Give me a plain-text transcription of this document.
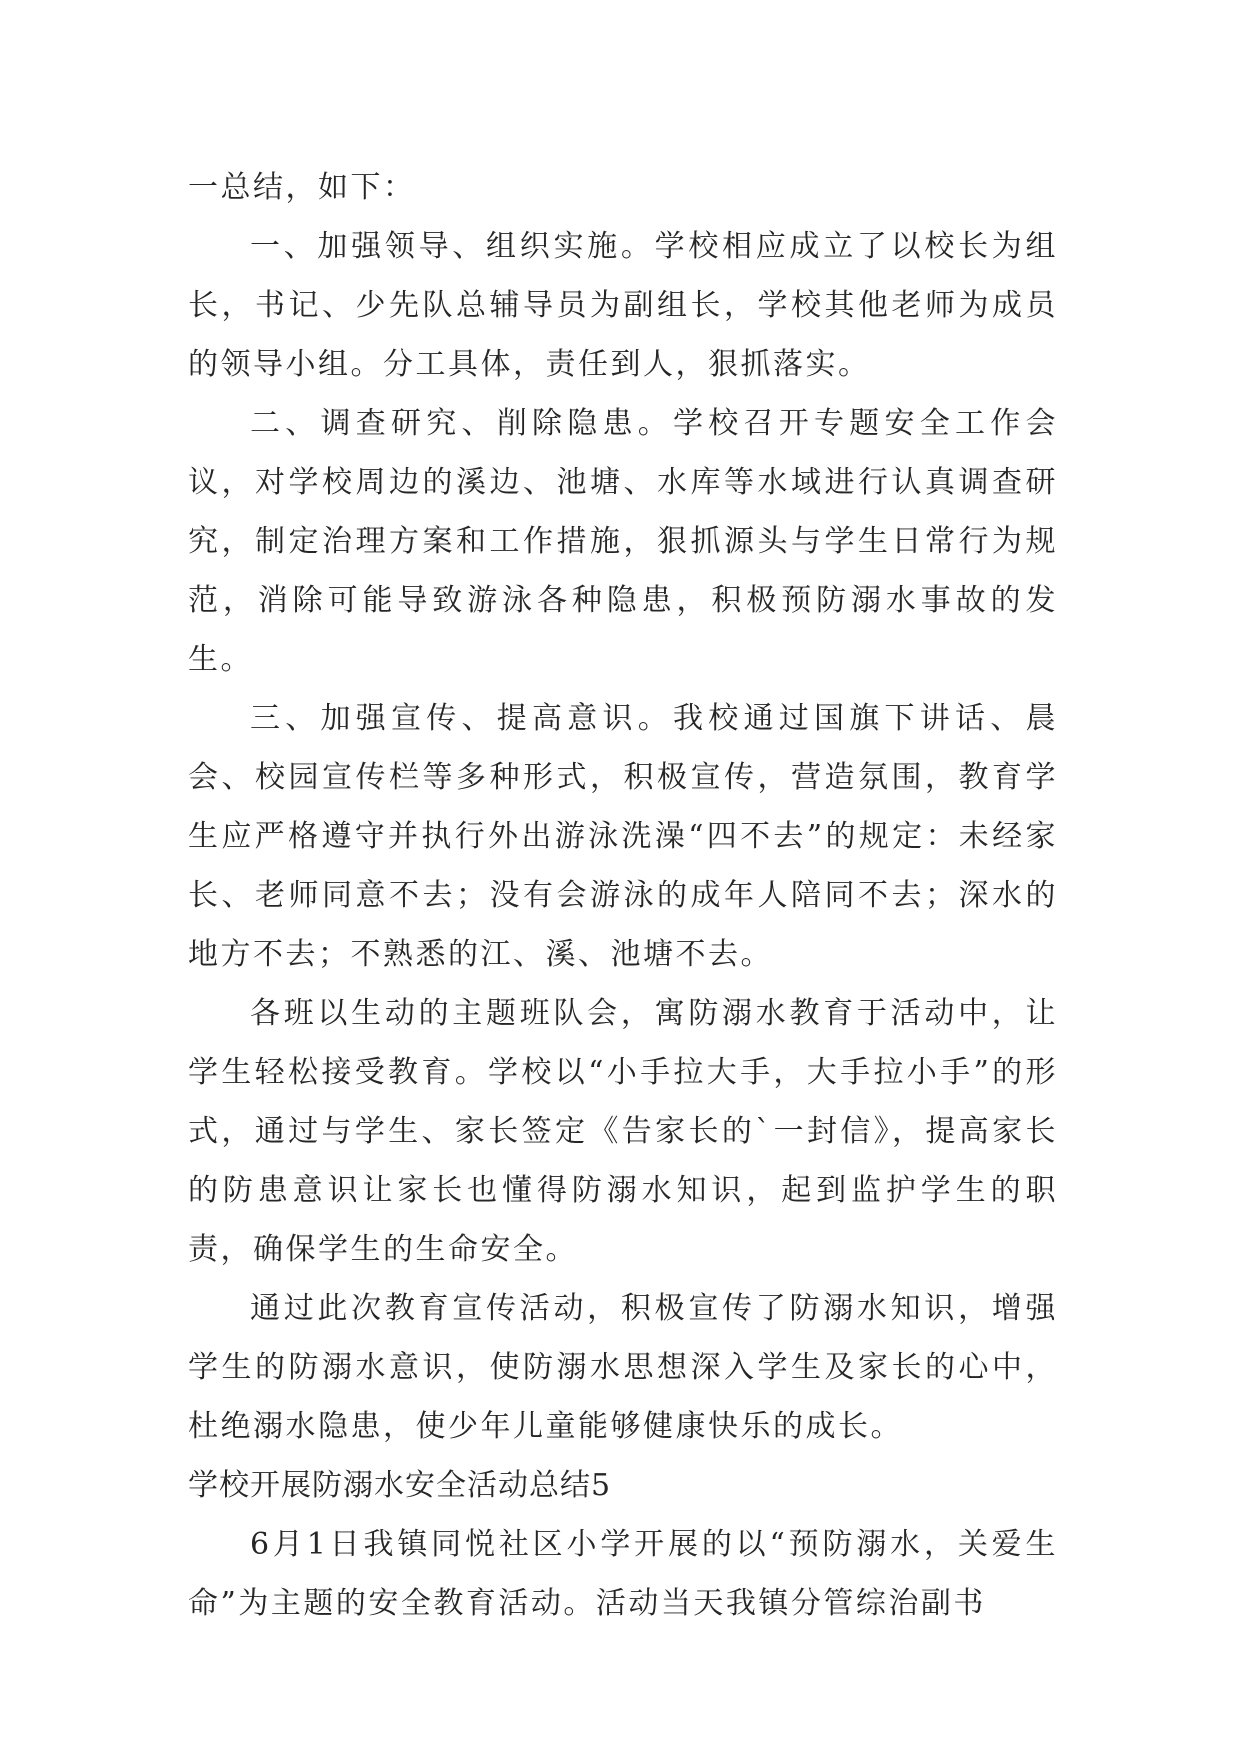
一总结，如下：

一、加强领导、组织实施。学校相应成立了以校长为组长，书记、少先队总辅导员为副组长，学校其他老师为成员的领导小组。分工具体，责任到人，狠抓落实。

二、调查研究、削除隐患。学校召开专题安全工作会议，对学校周边的溪边、池塘、水库等水域进行认真调查研究，制定治理方案和工作措施，狠抓源头与学生日常行为规范，消除可能导致游泳各种隐患，积极预防溺水事故的发生。

三、加强宣传、提高意识。我校通过国旗下讲话、晨会、校园宣传栏等多种形式，积极宣传，营造氛围，教育学生应严格遵守并执行外出游泳洗澡“四不去”的规定：未经家长、老师同意不去；没有会游泳的成年人陪同不去；深水的地方不去；不熟悉的江、溪、池塘不去。

各班以生动的主题班队会，寓防溺水教育于活动中，让学生轻松接受教育。学校以“小手拉大手，大手拉小手”的形式，通过与学生、家长签定《告家长的`一封信》，提高家长的防患意识让家长也懂得防溺水知识，起到监护学生的职责，确保学生的生命安全。

通过此次教育宣传活动，积极宣传了防溺水知识，增强学生的防溺水意识，使防溺水思想深入学生及家长的心中，杜绝溺水隐患，使少年儿童能够健康快乐的成长。

学校开展防溺水安全活动总结5

6月1日我镇同悦社区小学开展的以“预防溺水，关爱生命”为主题的安全教育活动。活动当天我镇分管综治副书
